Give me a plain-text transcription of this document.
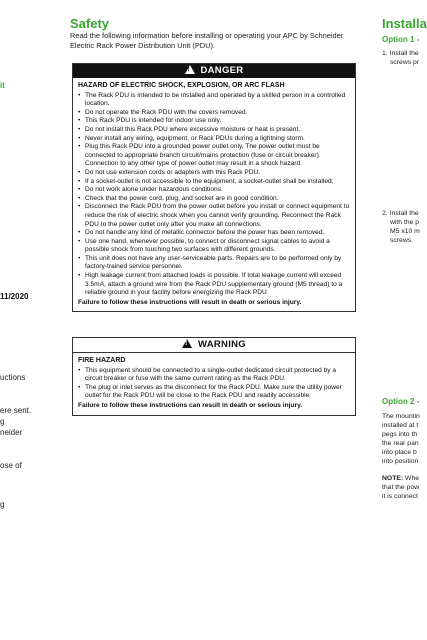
it
11/2020
uctions
ere sent.
g
neider
ose of
g
Safety
Read the following information before installing or operating your APC by Schneider Electric Rack Power Distribution Unit (PDU).
! DANGER
HAZARD OF ELECTRIC SHOCK, EXPLOSION, OR ARC FLASH
• The Rack PDU is intended to be installed and operated by a skilled person in a controlled location.
• Do not operate the Rack PDU with the covers removed.
• This Rack PDU is intended for indoor use only.
• Do not install this Rack PDU where excessive moisture or heat is present.
• Never install any wiring, equipment, or Rack PDUs during a lightning storm.
• Plug this Rack PDU into a grounded power outlet only. The power outlet must be connected to appropriate branch circuit/mains protection (fuse or circuit breaker). Connection to any other type of power outlet may result in a shock hazard.
• Do not use extension cords or adapters with this Rack PDU.
• If a socket-outlet is not accessible to the equipment, a socket-outlet shall be installed.
• Do not work alone under hazardous conditions.
• Check that the power cord, plug, and socket are in good condition.
• Disconnect the Rack PDU from the power outlet before you install or connect equipment to reduce the risk of electric shock when you cannot verify grounding. Reconnect the Rack PDU to the power outlet only after you make all connections.
• Do not handle any kind of metallic connector before the power has been removed.
• Use one hand, whenever possible, to connect or disconnect signal cables to avoid a possible shock from touching two surfaces with different grounds.
• This unit does not have any user-serviceable parts. Repairs are to be performed only by factory-trained service personnel.
• High leakage current from attached loads is possible. If total leakage current will exceed 3.5mA, attach a ground wire from the Rack PDU supplementary ground (M5 thread) to a reliable ground in your facility before energizing the Rack PDU
Failure to follow these instructions will result in death or serious injury.
! WARNING
FIRE HAZARD
• This equipment should be connected to a single-outlet dedicated circuit protected by a circuit breaker or fuse with the same current rating as the Rack PDU.
• The plug or inlet serves as the disconnect for the Rack PDU. Make sure the utility power outlet for the Rack PDU will be close to the Rack PDU and readily accessible.
Failure to follow these instructions can result in death or serious injury.
Installa
Option 1 -
1. Install the
screws pr
2. Install the
with the p
M5 x10 m
screws.
Option 2 -
The mountin
installed at t
pegs into th
the rear pan
into place b
into position
NOTE: Whe
that the pow
it is connect
